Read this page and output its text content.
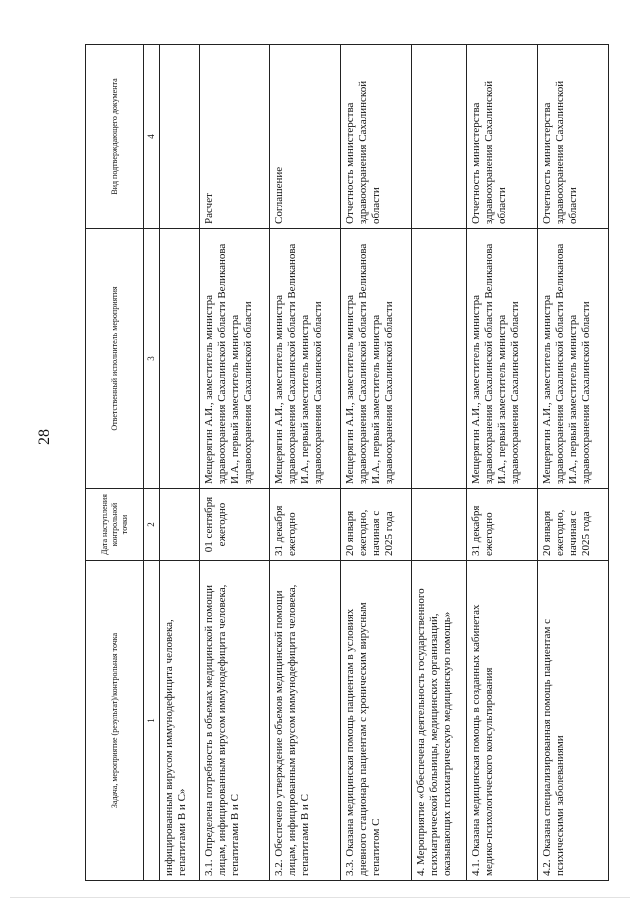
28
Задача, мероприятие (результат)/контрольная точка	Дата наступления контрольной точки	Ответственный исполнитель мероприятия	Вид подтверждающего документа
1	2	3	4
инфицированным вирусом иммунодефицита человека, гепатитами В и С»			
3.1. Определена потребность в объемах медицинской помощи лицам, инфицированным вирусом иммунодефицита человека, гепатитами В и С	01 сентября ежегодно	Мещерягин А.И., заместитель министра здравоохранения Сахалинской области Великанова И.А., первый заместитель министра здравоохранения Сахалинской области	Расчет
3.2. Обеспечено утверждение объемов медицинской помощи лицам, инфицированным вирусом иммунодефицита человека, гепатитами В и С	31 декабря ежегодно	Мещерягин А.И., заместитель министра здравоохранения Сахалинской области Великанова И.А., первый заместитель министра здравоохранения Сахалинской области	Соглашение
3.3. Оказана медицинская помощь пациентам в условиях дневного стационара пациентам с хроническим вирусным гепатитом С	20 января ежегодно, начиная с 2025 года	Мещерягин А.И., заместитель министра здравоохранения Сахалинской области Великанова И.А., первый заместитель министра здравоохранения Сахалинской области	Отчетность министерства здравоохранения Сахалинской области
4. Мероприятие «Обеспечена деятельность государственного психиатрической больницы, медицинских организаций, оказывающих психиатрическую медицинскую помощь»			
4.1. Оказана медицинская помощь в созданных кабинетах медико-психологического консультирования	31 декабря ежегодно	Мещерягин А.И., заместитель министра здравоохранения Сахалинской области Великанова И.А., первый заместитель министра здравоохранения Сахалинской области	Отчетность министерства здравоохранения Сахалинской области
4.2. Оказана специализированная помощь пациентам с психическими заболеваниями	20 января ежегодно, начиная с 2025 года	Мещерягин А.И., заместитель министра здравоохранения Сахалинской области Великанова И.А., первый заместитель министра здравоохранения Сахалинской области	Отчетность министерства здравоохранения Сахалинской области
